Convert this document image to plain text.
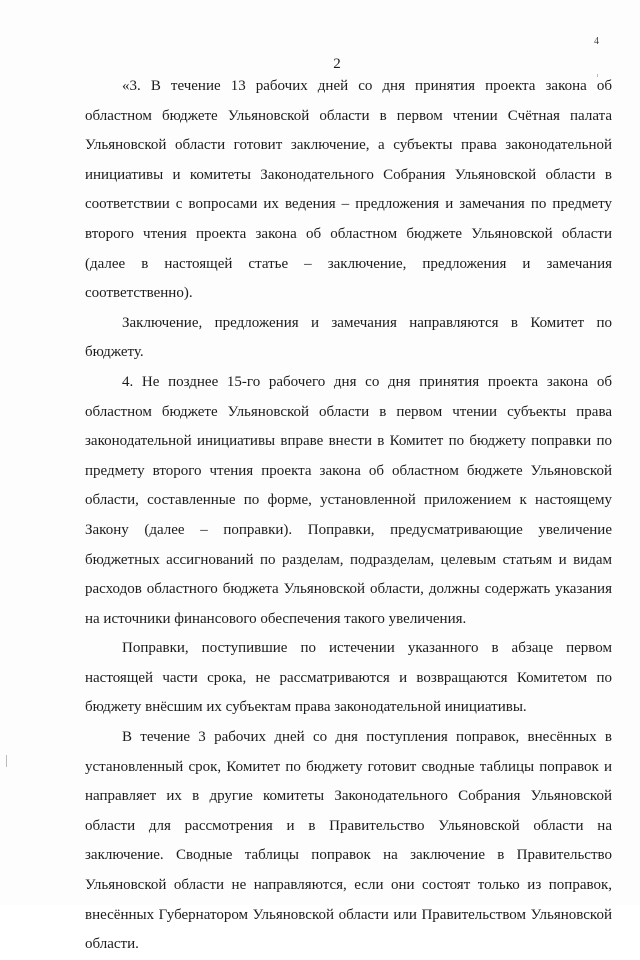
4
2

«3. В течение 13 рабочих дней со дня принятия проекта закона об областном бюджете Ульяновской области в первом чтении Счётная палата Ульяновской области готовит заключение, а субъекты права законодательной инициативы и комитеты Законодательного Собрания Ульяновской области в соответствии с вопросами их ведения – предложения и замечания по предмету второго чтения проекта закона об областном бюджете Ульяновской области (далее в настоящей статье – заключение, предложения и замечания соответственно).

Заключение, предложения и замечания направляются в Комитет по бюджету.

4. Не позднее 15-го рабочего дня со дня принятия проекта закона об областном бюджете Ульяновской области в первом чтении субъекты права законодательной инициативы вправе внести в Комитет по бюджету поправки по предмету второго чтения проекта закона об областном бюджете Ульяновской области, составленные по форме, установленной приложением к настоящему Закону (далее – поправки). Поправки, предусматривающие увеличение бюджетных ассигнований по разделам, подразделам, целевым статьям и видам расходов областного бюджета Ульяновской области, должны содержать указания на источники финансового обеспечения такого увеличения.

Поправки, поступившие по истечении указанного в абзаце первом настоящей части срока, не рассматриваются и возвращаются Комитетом по бюджету внёсшим их субъектам права законодательной инициативы.

В течение 3 рабочих дней со дня поступления поправок, внесённых в установленный срок, Комитет по бюджету готовит сводные таблицы поправок и направляет их в другие комитеты Законодательного Собрания Ульяновской области для рассмотрения и в Правительство Ульяновской области на заключение. Сводные таблицы поправок на заключение в Правительство Ульяновской области не направляются, если они состоят только из поправок, внесённых Губернатором Ульяновской области или Правительством Ульяновской области.
